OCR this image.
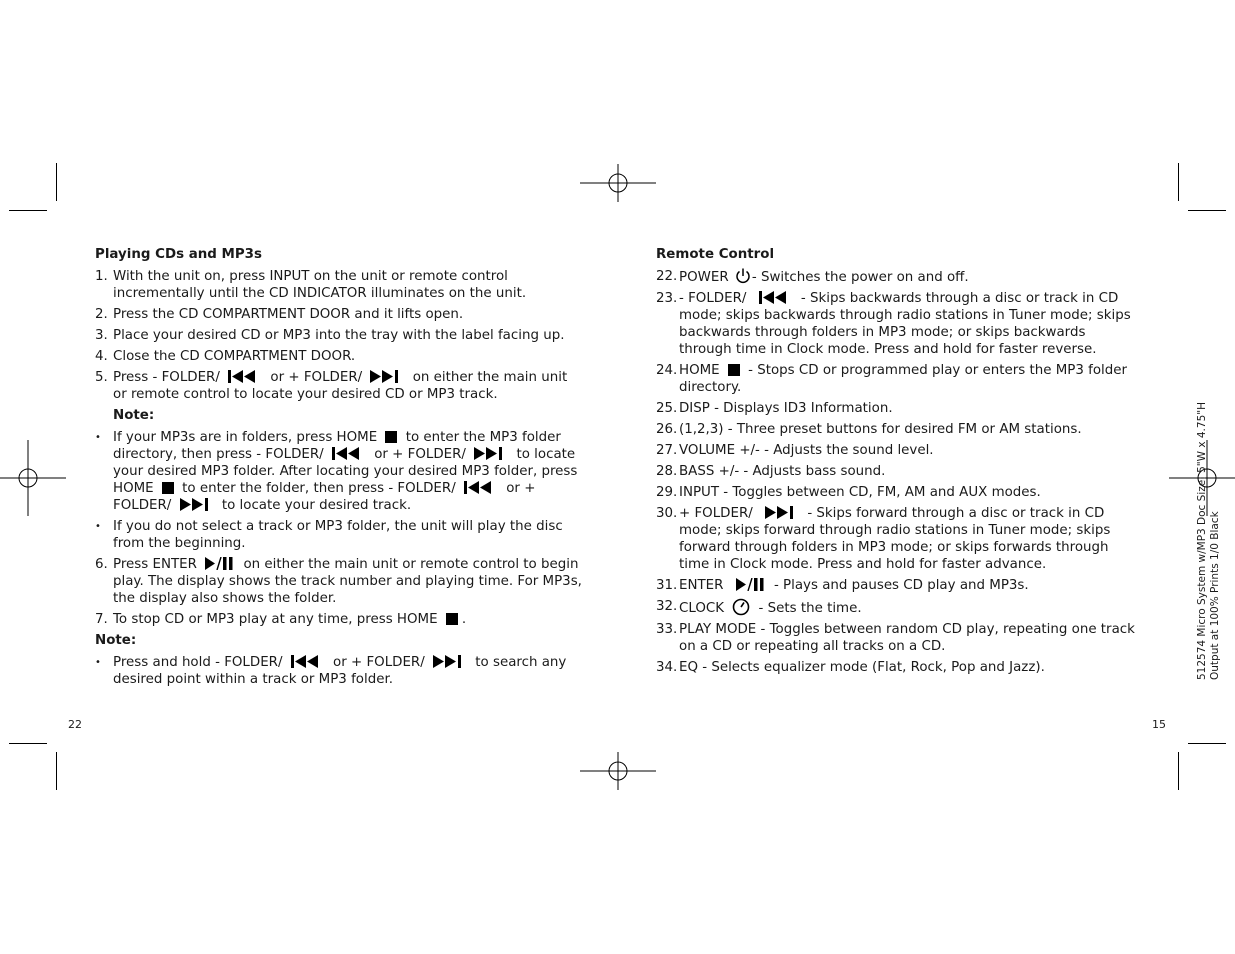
Playing CDs and MP3s
1. With the unit on, press INPUT on the unit or remote control incrementally until the CD INDICATOR illuminates on the unit.
2. Press the CD COMPARTMENT DOOR and it lifts open.
3. Place your desired CD or MP3 into the tray with the label facing up.
4. Close the CD COMPARTMENT DOOR.
5. Press - FOLDER/	or + FOLDER/	on either the main unit or remote control to locate your desired CD or MP3 track.
Note:
• If your MP3s are in folders, press HOME to enter the MP3 folder directory, then press - FOLDER/	or + FOLDER/	to locate your desired MP3 folder. After locating your desired MP3 folder, press HOME to enter the folder, then press - FOLDER/	or + FOLDER/	to locate your desired track.
• If you do not select a track or MP3 folder, the unit will play the disc from the beginning.
6. Press ENTER	on either the main unit or remote control to begin play. The display shows the track number and playing time. For MP3s, the display also shows the folder.
7. To stop CD or MP3 play at any time, press HOME .
Note:
• Press and hold - FOLDER/	or + FOLDER/	to search any desired point within a track or MP3 folder.
Remote Control
22. POWER - Switches the power on and off.
23. - FOLDER/	- Skips backwards through a disc or track in CD mode; skips backwards through radio stations in Tuner mode; skips backwards through folders in MP3 mode; or skips backwards through time in Clock mode. Press and hold for faster reverse.
24. HOME - Stops CD or programmed play or enters the MP3 folder directory.
25. DISP - Displays ID3 Information.
26. (1,2,3) - Three preset buttons for desired FM or AM stations.
27. VOLUME +/- - Adjusts the sound level.
28. BASS +/- - Adjusts bass sound.
29. INPUT - Toggles between CD, FM, AM and AUX modes.
30. + FOLDER/	- Skips forward through a disc or track in CD mode; skips forward through radio stations in Tuner mode; skips forward through folders in MP3 mode; or skips forwards through time in Clock mode. Press and hold for faster advance.
31. ENTER	- Plays and pauses CD play and MP3s.
32. CLOCK	- Sets the time.
33. PLAY MODE - Toggles between random CD play, repeating one track on a CD or repeating all tracks on a CD.
34. EQ - Selects equalizer mode (Flat, Rock, Pop and Jazz).
22	15
512574 Micro System w/MP3 Doc Size: 5"W x 4.75"H Output at 100% Prints 1/0 Black
